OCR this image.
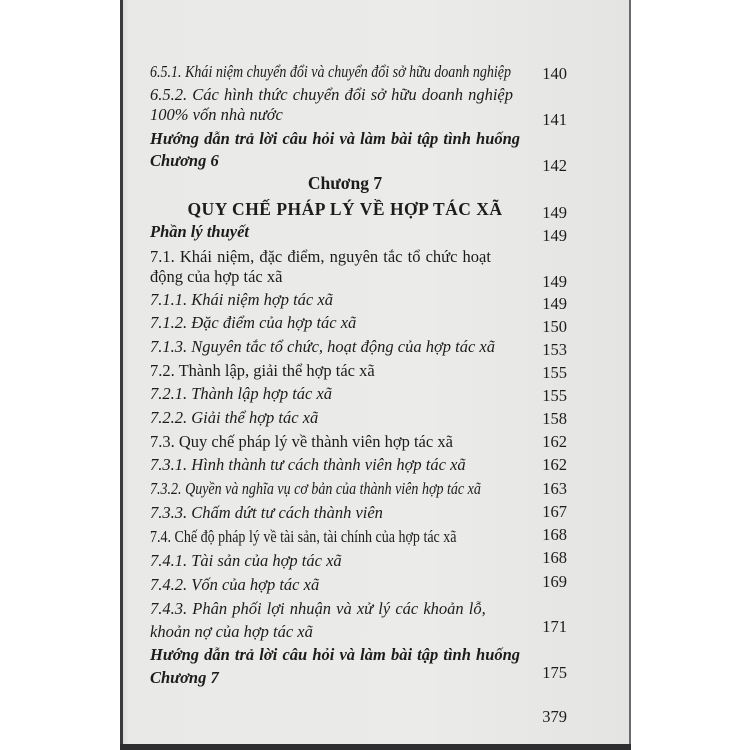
6.5.1. Khái niệm chuyển đổi và chuyển đổi sở hữu doanh nghiệp 140
6.5.2. Các hình thức chuyển đổi sở hữu doanh nghiệp
100% vốn nhà nước	141
Hướng dẫn trả lời câu hỏi và làm bài tập tình huống
Chương 6	142
Chương 7
QUY CHẾ PHÁP LÝ VỀ HỢP TÁC XÃ	149
Phần lý thuyết	149
7.1. Khái niệm, đặc điểm, nguyên tắc tổ chức hoạt
động của hợp tác xã	149
7.1.1. Khái niệm hợp tác xã	149
7.1.2. Đặc điểm của hợp tác xã	150
7.1.3. Nguyên tắc tổ chức, hoạt động của hợp tác xã	153
7.2. Thành lập, giải thể hợp tác xã	155
7.2.1. Thành lập hợp tác xã	155
7.2.2. Giải thể hợp tác xã	158
7.3. Quy chế pháp lý về thành viên hợp tác xã	162
7.3.1. Hình thành tư cách thành viên hợp tác xã	162
7.3.2. Quyền và nghĩa vụ cơ bản của thành viên hợp tác xã	163
7.3.3. Chấm dứt tư cách thành viên	167
7.4. Chế độ pháp lý về tài sản, tài chính của hợp tác xã	168
7.4.1. Tài sản của hợp tác xã	168
7.4.2. Vốn của hợp tác xã	169
7.4.3. Phân phối lợi nhuận và xử lý các khoản lỗ,
khoản nợ của hợp tác xã	171
Hướng dẫn trả lời câu hỏi và làm bài tập tình huống
Chương 7	175
379
